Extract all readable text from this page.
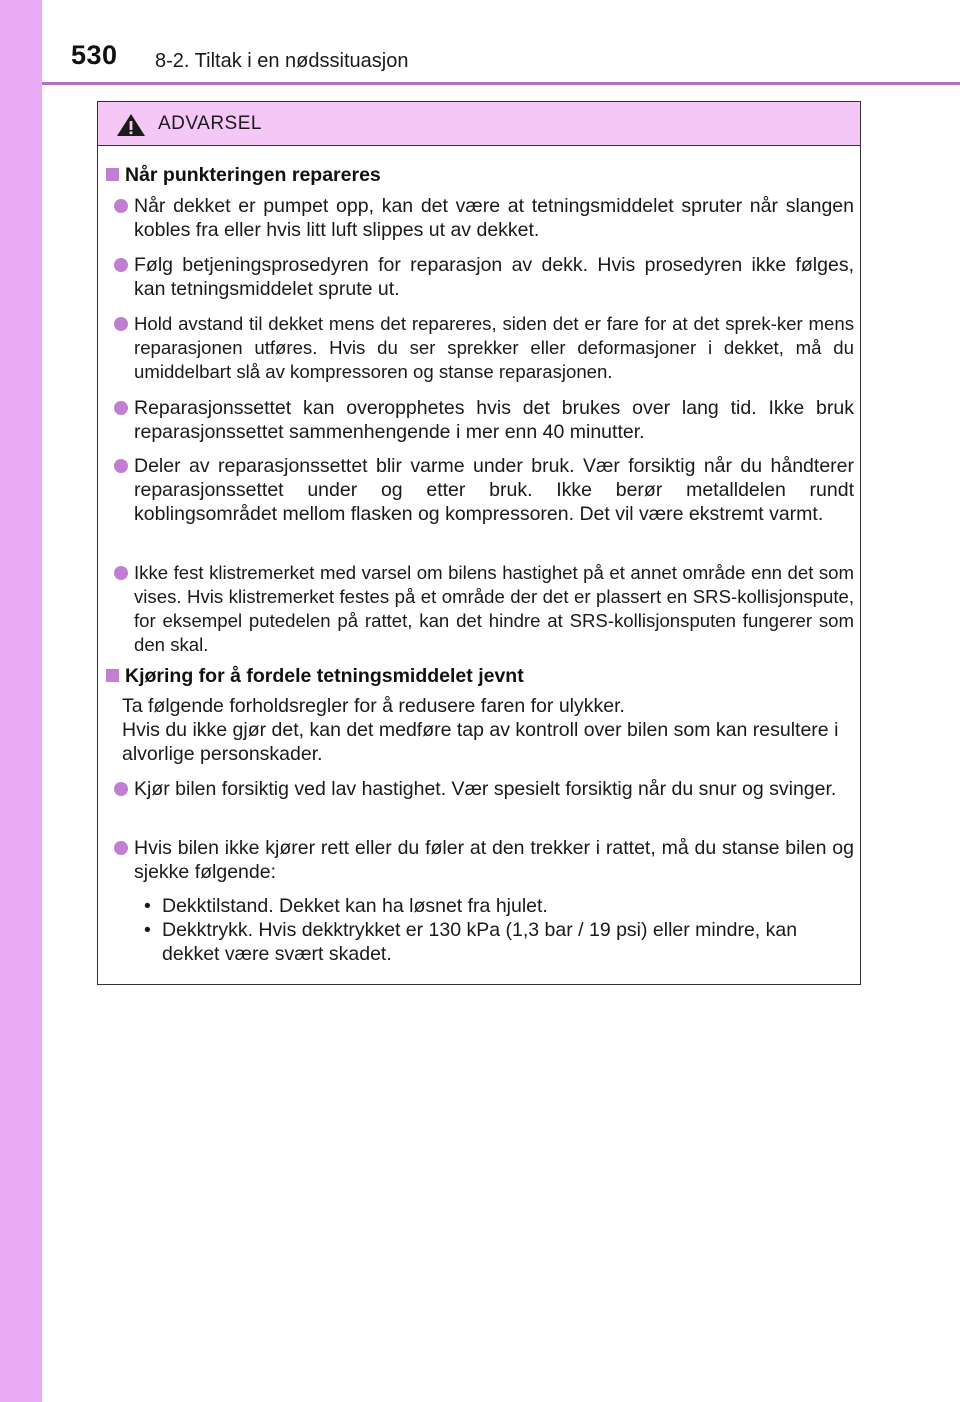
530 8-2. Tiltak i en nødssituasjon
ADVARSEL
Når punkteringen repareres
Når dekket er pumpet opp, kan det være at tetningsmiddelet spruter når slangen kobles fra eller hvis litt luft slippes ut av dekket.
Følg betjeningsprosedyren for reparasjon av dekk. Hvis prosedyren ikke følges, kan tetningsmiddelet sprute ut.
Hold avstand til dekket mens det repareres, siden det er fare for at det sprek-ker mens reparasjonen utføres. Hvis du ser sprekker eller deformasjoner i dekket, må du umiddelbart slå av kompressoren og stanse reparasjonen.
Reparasjonssettet kan overopphetes hvis det brukes over lang tid. Ikke bruk reparasjonssettet sammenhengende i mer enn 40 minutter.
Deler av reparasjonssettet blir varme under bruk. Vær forsiktig når du håndterer reparasjonssettet under og etter bruk. Ikke berør metalldelen rundt koblingsområdet mellom flasken og kompressoren. Det vil være ekstremt varmt.
Ikke fest klistremerket med varsel om bilens hastighet på et annet område enn det som vises. Hvis klistremerket festes på et område der det er plassert en SRS-kollisjonspute, for eksempel putedelen på rattet, kan det hindre at SRS-kollisjonsputen fungerer som den skal.
Kjøring for å fordele tetningsmiddelet jevnt
Ta følgende forholdsregler for å redusere faren for ulykker.
Hvis du ikke gjør det, kan det medføre tap av kontroll over bilen som kan resultere i alvorlige personskader.
Kjør bilen forsiktig ved lav hastighet. Vær spesielt forsiktig når du snur og svinger.
Hvis bilen ikke kjører rett eller du føler at den trekker i rattet, må du stanse bilen og sjekke følgende:
• Dekktilstand. Dekket kan ha løsnet fra hjulet.
• Dekktrykk. Hvis dekktrykket er 130 kPa (1,3 bar / 19 psi) eller mindre, kan dekket være svært skadet.
